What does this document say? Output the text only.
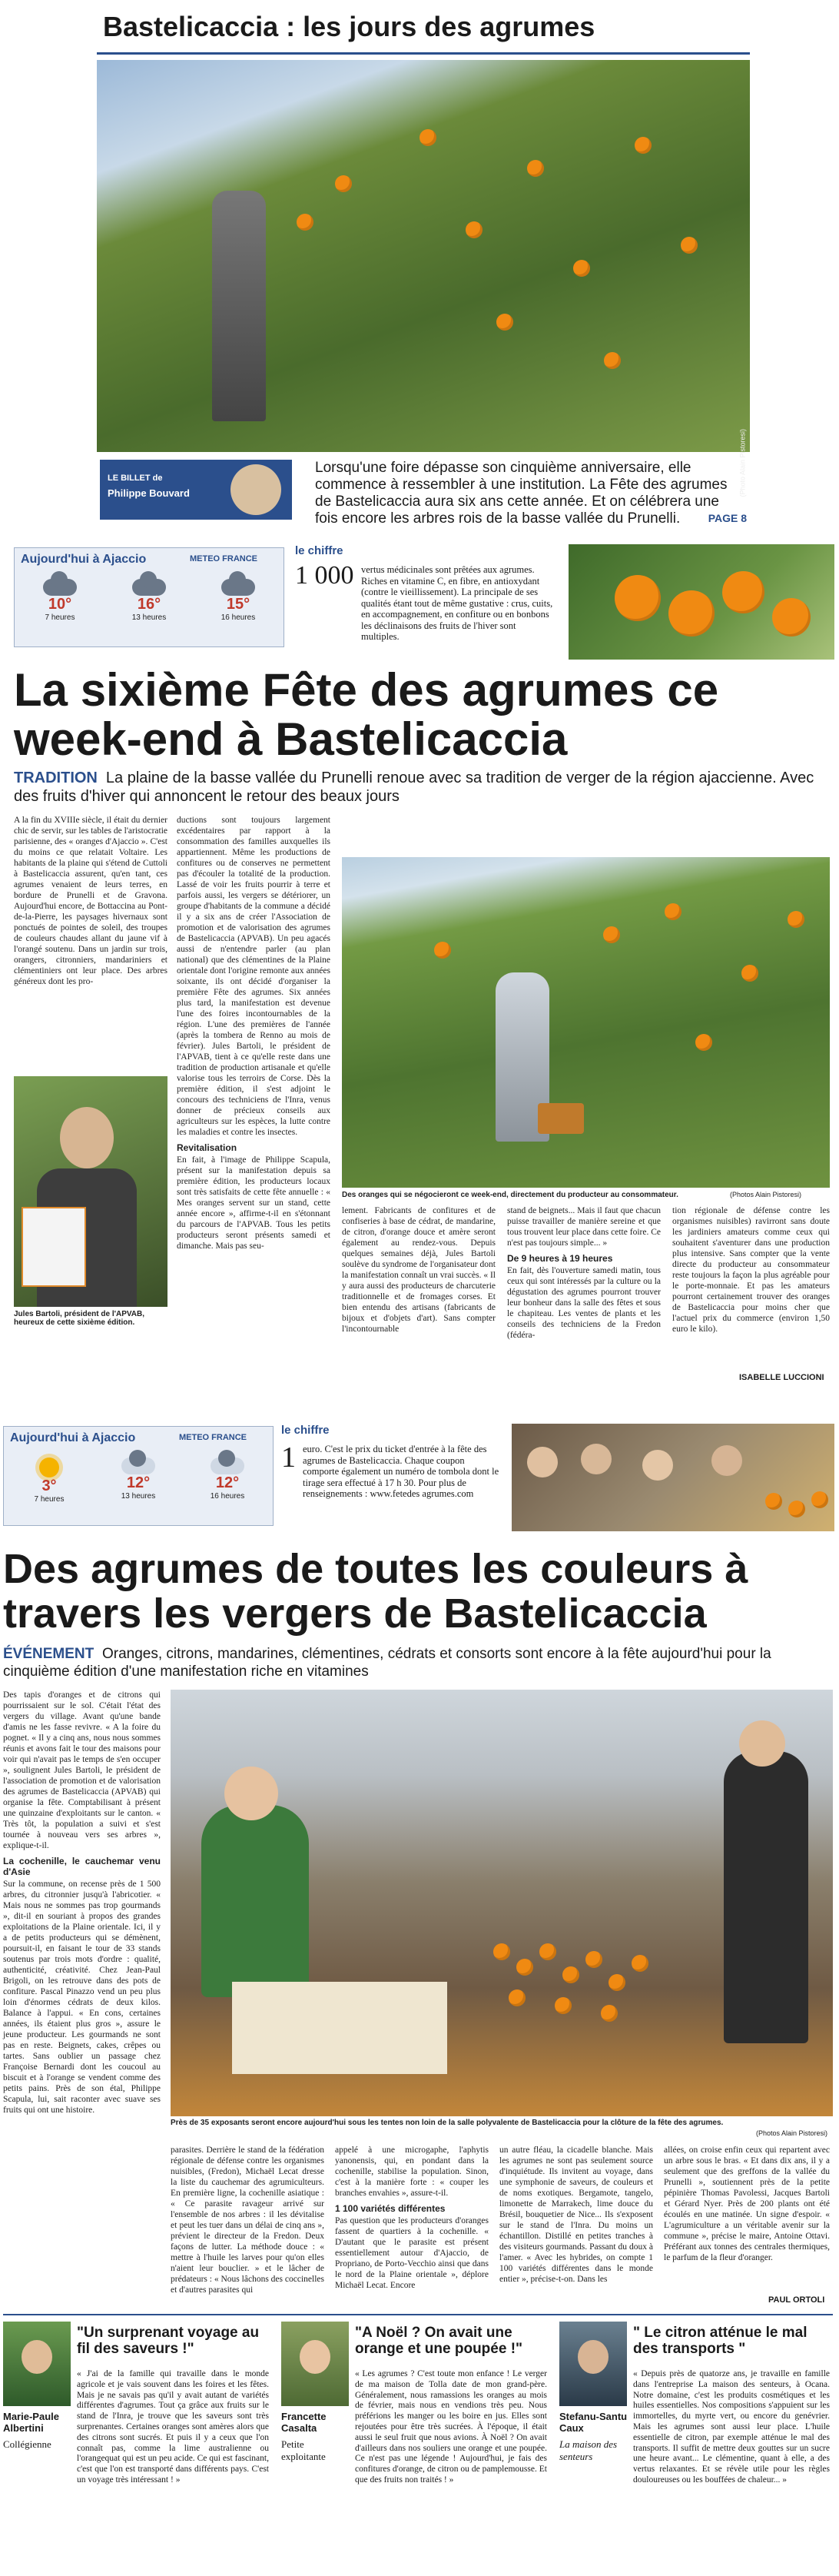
Bastelicaccia : les jours des agrumes
(Photo Alain Pistoresi)
LE BILLET de
Philippe Bouvard
Lorsqu'une foire dépasse son cinquième anniversaire, elle commence à ressembler à une institution. La Fête des agrumes de Bastelicaccia aura six ans cette année. Et on célébrera une fois encore les arbres rois de la basse vallée du Prunelli.	PAGE 8
Aujourd'hui à Ajaccio	METEO FRANCE
10°
7 heures
16°
13 heures
15°
16 heures
le chiffre
1 000 vertus médicinales sont prêtées aux agrumes. Riches en vitamine C, en fibre, en antioxydant (contre le vieillissement). La principale de ses qualités étant tout de même gustative : crus, cuits, en accompagnement, en confiture ou en bonbons les déclinaisons des fruits de l'hiver sont multiples.
La sixième Fête des agrumes ce week-end à Bastelicaccia
TRADITION La plaine de la basse vallée du Prunelli renoue avec sa tradition de verger de la région ajaccienne. Avec des fruits d'hiver qui annoncent le retour des beaux jours

A la fin du XVIIIe siècle, il était du dernier chic de servir, sur les tables de l'aristocratie parisienne, des « oranges d'Ajaccio ». C'est du moins ce que relatait Voltaire. Les habitants de la plaine qui s'étend de Cuttoli à Bastelicaccia assurent, qu'en tant, ces agrumes venaient de leurs terres, en bordure de Prunelli et de Gravona. Aujourd'hui encore, de Bottaccina au Pont-de-la-Pierre, les paysages hivernaux sont ponctués de pointes de soleil, des troupes de couleurs chaudes allant du jaune vif à l'orangé soutenu. Dans un jardin sur trois, orangers, citronniers, mandariniers et clémentiniers ont leur place. Des arbres généreux dont les pro-

Jules Bartoli, président de l'APVAB, heureux de cette sixième édition.

ductions sont toujours largement excédentaires par rapport à la consommation des familles auxquelles ils appartiennent. Même les productions de confitures ou de conserves ne permettent pas d'écouler la totalité de la production. Lassé de voir les fruits pourrir à terre et parfois aussi, les vergers se détériorer, un groupe d'habitants de la commune a décidé il y a six ans de créer l'Association de promotion et de valorisation des agrumes de Bastelicaccia (APVAB). Un peu agacés aussi de n'entendre parler (au plan national) que des clémentines de la Plaine orientale dont l'origine remonte aux années soixante, ils ont décidé d'organiser la première Fête des agrumes. Six années plus tard, la manifestation est devenue l'une des foires incontournables de la région. L'une des premières de l'année (après la tombera de Renno au mois de février). Jules Bartoli, le président de l'APVAB, tient à ce qu'elle reste dans une tradition de production artisanale et qu'elle valorise tous les terroirs de Corse. Dès la première édition, il s'est adjoint le concours des techniciens de l'Inra, venus donner de précieux conseils aux agriculteurs sur les espèces, la lutte contre les maladies et contre les insectes.

Revitalisation

En fait, à l'image de Philippe Scapula, présent sur la manifestation depuis sa première édition, les producteurs locaux sont très satisfaits de cette fête annuelle : « Mes oranges servent sur un stand, cette année encore », affirme-t-il en s'étonnant du parcours de l'APVAB. Tous les petits producteurs seront présents samedi et dimanche. Mais pas seu-

Des oranges qui se négocieront ce week-end, directement du producteur au consommateur.	(Photos Alain Pistoresi)

lement. Fabricants de confitures et de confiseries à base de cédrat, de mandarine, de citron, d'orange douce et amère seront également au rendez-vous. Depuis quelques semaines déjà, Jules Bartoli soulève du syndrome de l'organisateur dont la manifestation connaît un vrai succès. « Il y aura aussi des producteurs de charcuterie traditionnelle et de fromages corses. Et bien entendu des artisans (fabricants de bijoux et d'objets d'art). Sans compter l'incontournable

stand de beignets... Mais il faut que chacun puisse travailler de manière sereine et que tous trouvent leur place dans cette foire. Ce n'est pas toujours simple... »

De 9 heures à 19 heures

En fait, dès l'ouverture samedi matin, tous ceux qui sont intéressés par la culture ou la dégustation des agrumes pourront trouver leur bonheur dans la salle des fêtes et sous le chapiteau. Les ventes de plants et les conseils des techniciens de la Fredon (fédéra-

tion régionale de défense contre les organismes nuisibles) ravirront sans doute les jardiniers amateurs comme ceux qui souhaitent s'aventurer dans une production plus intensive. Sans compter que la vente directe du producteur au consommateur reste toujours la façon la plus agréable pour le porte-monnaie. Et pas les amateurs pourront certainement trouver des oranges de Bastelicaccia pour moins cher que l'actuel prix du commerce (environ 1,50 euro le kilo).

ISABELLE LUCCIONI
Aujourd'hui à Ajaccio	METEO FRANCE
3°
7 heures
12°
13 heures
12°
16 heures
le chiffre
1 euro. C'est le prix du ticket d'entrée à la fête des agrumes de Bastelicaccia. Chaque coupon comporte également un numéro de tombola dont le tirage sera effectué à 17 h 30. Pour plus de renseignements : www.fetedes agrumes.com
Des agrumes de toutes les couleurs à travers les vergers de Bastelicaccia
ÉVÉNEMENT Oranges, citrons, mandarines, clémentines, cédrats et consorts sont encore à la fête aujourd'hui pour la cinquième édition d'une manifestation riche en vitamines

Des tapis d'oranges et de citrons qui pourrissaient sur le sol. C'était l'état des vergers du village. Avant qu'une bande d'amis ne les fasse revivre. « A la foire du pognet. « Il y a cinq ans, nous nous sommes réunis et avons fait le tour des maisons pour voir qui n'avait pas le temps de s'en occuper », soulignent Jules Bartoli, le président de l'association de promotion et de valorisation des agrumes de Bastelicaccia (APVAB) qui organise la fête. Comptabilisant à présent une quinzaine d'exploitants sur le canton. « Très tôt, la population a suivi et s'est tournée à nouveau vers ses arbres », explique-t-il.

La cochenille, le cauchemar venu d'Asie

Sur la commune, on recense près de 1 500 arbres, du citronnier jusqu'à l'abricotier. « Mais nous ne sommes pas trop gourmands », dit-il en souriant à propos des grandes exploitations de la Plaine orientale. Ici, il y a de petits producteurs qui se démènent, poursuit-il, en faisant le tour de 33 stands soutenus par trois mots d'ordre : qualité, authenticité, créativité. Chez Jean-Paul Brigoli, on les retrouve dans des pots de confiture. Pascal Pinazzo vend un peu plus loin d'énormes cédrats de deux kilos. Balance à l'appui. « En cons, certaines années, ils étaient plus gros », assure le jeune producteur. Les gourmands ne sont pas en reste. Beignets, cakes, crêpes ou tartes. Sans oublier un passage chez Françoise Bernardi dont les coucoul au biscuit et à l'orange se vendent comme des petits pains. Près de son étal, Philippe Scapula, lui, sait raconter avec suave ses fruits qui ont une histoire.

Près de 35 exposants seront encore aujourd'hui sous les tentes non loin de la salle polyvalente de Bastelicaccia pour la clôture de la fête des agrumes.
(Photos Alain Pistoresi)

parasites. Derrière le stand de la fédération régionale de défense contre les organismes nuisibles, (Fredon), Michaël Lecat dresse la liste du cauchemar des agrumiculteurs. En première ligne, la cochenille asiatique : « Ce parasite ravageur arrivé sur l'ensemble de nos arbres : il les dévitalise et peut les tuer dans un délai de cinq ans », prévient le directeur de la Fredon. Deux façons de lutter. La méthode douce : « mettre à l'huile les larves pour qu'on elles n'aient leur bouclier. » et le lâcher de prédateurs : « Nous lâchons des coccinelles et d'autres parasites qui

appelé à une microgaphe, l'aphytis yanonensis, qui, en pondant dans la cochenille, stabilise la population. Sinon, c'est à la manière forte : « couper les branches envahies », assure-t-il.

1 100 variétés différentes

Pas question que les producteurs d'oranges fassent de quartiers à la cochenille. « D'autant que le parasite est présent essentiellement autour d'Ajaccio, de Propriano, de Porto-Vecchio ainsi que dans le nord de la Plaine orientale », déplore Michaël Lecat. Encore

un autre fléau, la cicadelle blanche. Mais les agrumes ne sont pas seulement source d'inquiétude. Ils invitent au voyage, dans une symphonie de saveurs, de couleurs et de noms exotiques. Bergamote, tangelo, limonette de Marrakech, lime douce du Brésil, bouquetier de Nice... Ils s'exposent sur le stand de l'Inra. Du moins un échantillon. Distillé en petites tranches à des visiteurs gourmands. Passant du doux à l'amer. « Avec les hybrides, on compte 1 100 variétés différentes dans le monde entier », précise-t-on. Dans les

allées, on croise enfin ceux qui repartent avec un arbre sous le bras. « Et dans dix ans, il y a seulement que des greffons de la vallée du Prunelli », soutiennent près de la petite pépinière Thomas Pavolessi, Jacques Bartoli et Gérard Nyer. Près de 200 plants ont été écoulés en une matinée. Un signe d'espoir. « L'agrumiculture a un véritable avenir sur la commune », précise le maire, Antoine Ottavi. Préférant aux tonnes des centrales thermiques, le parfum de la fleur d'oranger.

PAUL ORTOLI
"Un surprenant voyage au fil des saveurs !"
Marie-Paule Albertini
Collégienne
« J'ai de la famille qui travaille dans le monde agricole et je vais souvent dans les foires et les fêtes. Mais je ne savais pas qu'il y avait autant de variétés différentes d'agrumes. Tout ça grâce aux fruits sur le stand de l'Inra, je trouve que les saveurs sont très surprenantes. Certaines oranges sont amères alors que des citrons sont sucrés. Et puis il y a ceux que l'on connaît pas, comme la lime australienne ou l'orangequat qui est un peu acide. Ce qui est fascinant, c'est que l'on est transporté dans différents pays. C'est un voyage très intéressant ! »
"A Noël ? On avait une orange et une poupée !"
Francette Casalta
Petite exploitante
« Les agrumes ? C'est toute mon enfance ! Le verger de ma maison de Tolla date de mon grand-père. Généralement, nous ramassions les oranges au mois de février, mais nous en vendions très peu. Nous préférions les manger ou les boire en jus. Elles sont rejoutées pour être très sucrées. À l'époque, il était aussi le seul fruit que nous avions. À Noël ? On avait d'ailleurs dans nos souliers une orange et une poupée. Ce n'est pas une légende ! Aujourd'hui, je fais des confitures d'orange, de citron ou de pamplemousse. Et que des fruits non traités ! »
" Le citron atténue le mal des transports "
Stefanu-Santu Caux
La maison des senteurs
« Depuis près de quatorze ans, je travaille en famille dans l'entreprise La maison des senteurs, à Ocana. Notre domaine, c'est les produits cosmétiques et les huiles essentielles. Nos compositions s'appuient sur les immortelles, du myrte vert, ou encore du genévrier. Mais les agrumes sont aussi leur place. L'huile essentielle de citron, par exemple atténue le mal des transports. Il suffit de mettre deux gouttes sur un sucre une heure avant... Le clémentine, quant à elle, a des vertus relaxantes. Et se révèle utile pour les règles douloureuses ou les bouffées de chaleur... »
